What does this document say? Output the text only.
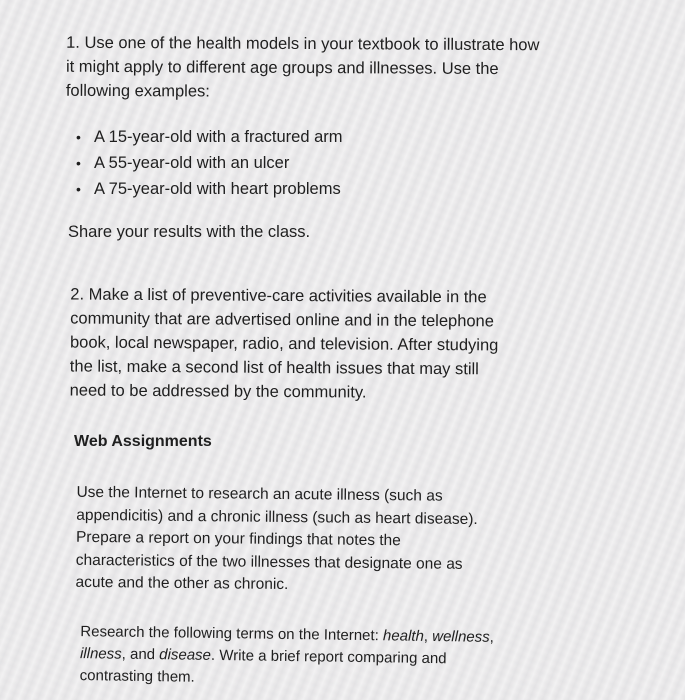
1. Use one of the health models in your textbook to illustrate how it might apply to different age groups and illnesses. Use the following examples:
• A 15-year-old with a fractured arm
• A 55-year-old with an ulcer
• A 75-year-old with heart problems
Share your results with the class.
2. Make a list of preventive-care activities available in the community that are advertised online and in the telephone book, local newspaper, radio, and television. After studying the list, make a second list of health issues that may still need to be addressed by the community.
Web Assignments
Use the Internet to research an acute illness (such as appendicitis) and a chronic illness (such as heart disease). Prepare a report on your findings that notes the characteristics of the two illnesses that designate one as acute and the other as chronic.
Research the following terms on the Internet: health, wellness, illness, and disease. Write a brief report comparing and contrasting them.
